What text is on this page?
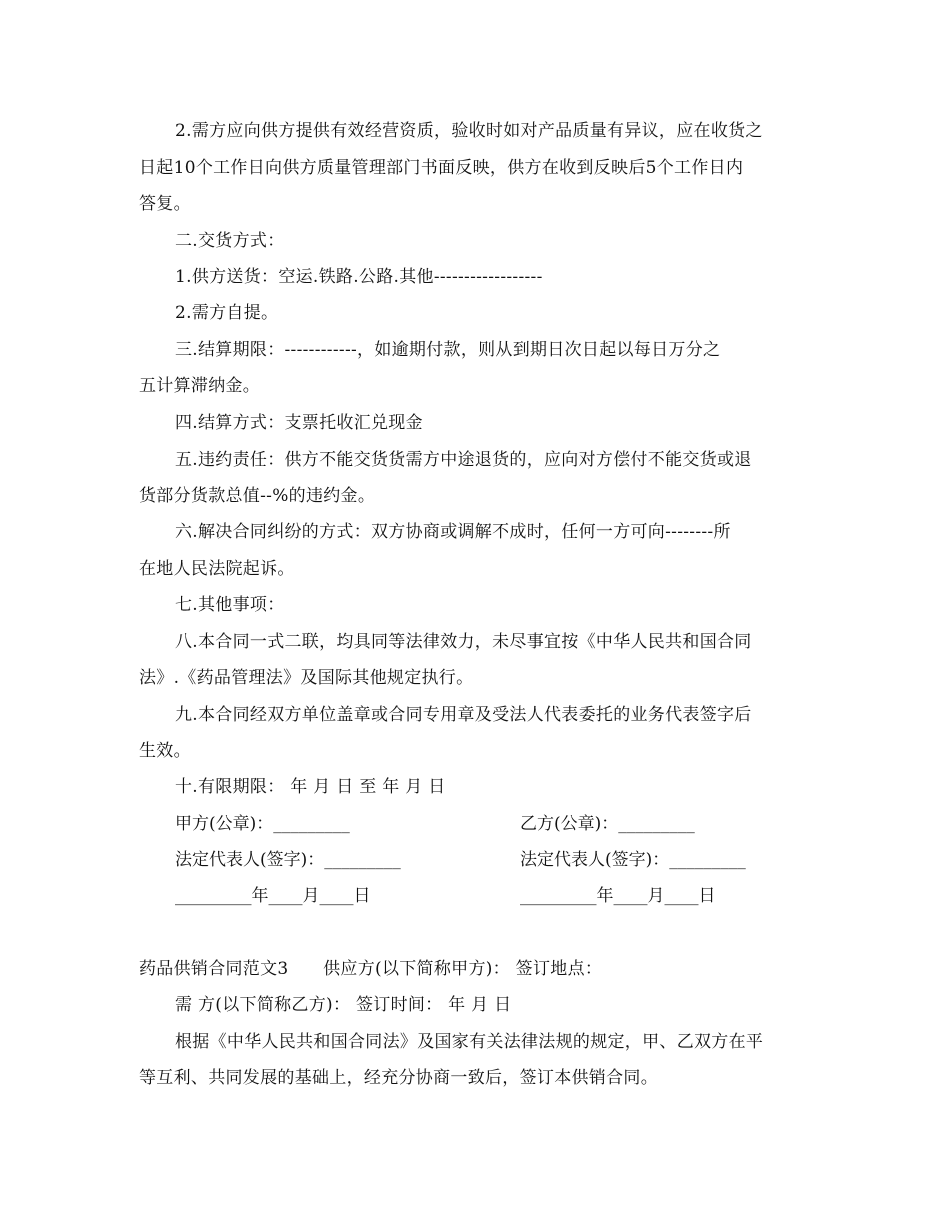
2.需方应向供方提供有效经营资质，验收时如对产品质量有异议，应在收货之
日起10个工作日向供方质量管理部门书面反映，供方在收到反映后5个工作日内
答复。
二.交货方式：
1.供方送货：空运.铁路.公路.其他------------------
2.需方自提。
三.结算期限：------------，如逾期付款，则从到期日次日起以每日万分之
五计算滞纳金。
四.结算方式：支票托收汇兑现金
五.违约责任：供方不能交货货需方中途退货的，应向对方偿付不能交货或退
货部分货款总值--%的违约金。
六.解决合同纠纷的方式：双方协商或调解不成时，任何一方可向--------所
在地人民法院起诉。
七.其他事项：
八.本合同一式二联，均具同等法律效力，未尽事宜按《中华人民共和国合同
法》.《药品管理法》及国际其他规定执行。
九.本合同经双方单位盖章或合同专用章及受法人代表委托的业务代表签字后
生效。
十.有限期限： 年 月 日 至 年 月 日
甲方(公章)：_________	乙方(公章)：_________
法定代表人(签字)：_________	法定代表人(签字)：_________
_________年____月____日	_________年____月____日
药品供销合同范文3　　供应方(以下简称甲方)： 签订地点：
需 方(以下简称乙方)： 签订时间： 年 月 日
根据《中华人民共和国合同法》及国家有关法律法规的规定，甲、乙双方在平
等互利、共同发展的基础上，经充分协商一致后，签订本供销合同。
